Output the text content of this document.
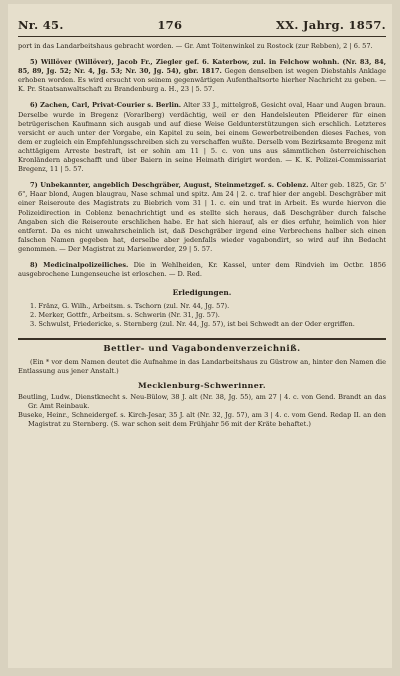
Nr. 45.	176	XX. Jahrg. 1857.

port in das Landarbeitshaus gebracht worden. — Gr. Amt Toitenwinkel zu Rostock (zur Rebben), 2 | 6. 57.

5) Willöver (Willöver), Jacob Fr., Ziegler gef. 6. Katerbow, zul. in Felchow wohnh. (Nr. 83, 84, 85, 89, Jg. 52; Nr. 4, Jg. 53; Nr. 30, Jg. 54), gbr. 1817. Gegen denselben ist wegen Diebstahls Anklage erhoben worden. Es wird ersucht von seinem gegenwärtigen Aufenthaltsorte hierher Nachricht zu geben. — K. Pr. Staatsanwaltschaft zu Brandenburg a. H., 23 | 5. 57.

6) Zachen, Carl, Privat-Courier s. Berlin. Alter 33 J., mittelgroß, Gesicht oval, Haar und Augen braun. Derselbe wurde in Bregenz (Vorarlberg) verdächtig, weil er den Handelsleuten Pfleiderer für einen betrügerischen Kaufmann sich ausgab und auf diese Weise Geldunterstützungen sich erschlich. Letzteres versicht er auch unter der Vorgabe, ein Kapitel zu sein, bei einem Gewerbetreibenden dieses Faches, von dem er zugleich ein Empfehlungsschreiben sich zu verschaffen wußte. Derselb vom Bezirksamte Bregenz mit achttägigem Arreste bestraft, ist er sohin am 11 | 5. c. von uns aus sämmtlichen österreichischen Kronländern abgeschafft und über Baiern in seine Heimath dirigirt worden. — K. K. Polizei-Commissariat Bregenz, 11 | 5. 57.

7) Unbekannter, angeblich Deschgräber, August, Steinmetzgef. s. Coblenz. Alter geb. 1825, Gr. 5' 6", Haar blond, Augen blaugrau, Nase schmal und spitz. Am 24 | 2. c. traf hier der angebl. Deschgräber mit einer Reiseroute des Magistrats zu Biebrich vom 31 | 1. c. ein und trat in Arbeit. Es wurde hiervon die Polizeidirection in Coblenz benachrichtigt und es stellte sich heraus, daß Deschgräber durch falsche Angaben sich die Reiseroute erschlichen habe. Er hat sich hierauf, als er dies erfuhr, heimlich von hier entfernt. Da es nicht unwahrscheinlich ist, daß Deschgräber irgend eine Verbrechens halber sich einen falschen Namen gegeben hat, derselbe aber jedenfalls wieder vagabondirt, so wird auf ihn Bedacht genommen. — Der Magistrat zu Marienwerder, 29 | 5. 57.

8) Medicinalpolizeiliches. Die in Wehlheiden, Kr. Kassel, unter dem Rindvieh im Octbr. 1856 ausgebrochene Lungenseuche ist erloschen. — D. Red.

Erledigungen.
1. Fränz, G. Wilh., Arbeitsm. s. Tschorn (zul. Nr. 44, Jg. 57).
2. Merker, Gottfr., Arbeitsm. s. Schwerin (Nr. 31, Jg. 57).
3. Schwulst, Friedericke, s. Sternberg (zul. Nr. 44, Jg. 57), ist bei Schwedt an der Oder ergriffen.
Bettler- und Vagabondenverzeichniß.

(Ein * vor dem Namen deutet die Aufnahme in das Landarbeitshaus zu Güstrow an, hinter den Namen die Entlassung aus jener Anstalt.)

Mecklenburg-Schwerinner.

Beutling, Ludw., Dienstknecht s. Neu-Bülow, 38 J. alt (Nr. 38, Jg. 55), am 27 | 4. c. von Gend. Brandt an das Gr. Amt Reinbauk.

Buseke, Heinr., Schneidergef. s. Kirch-Jesar, 35 J. alt (Nr. 32, Jg. 57), am 3 | 4. c. vom Gend. Redap II. an den Magistrat zu Sternberg. (S. war schon seit dem Frühjahr 56 mit der Kräte behaftet.)
